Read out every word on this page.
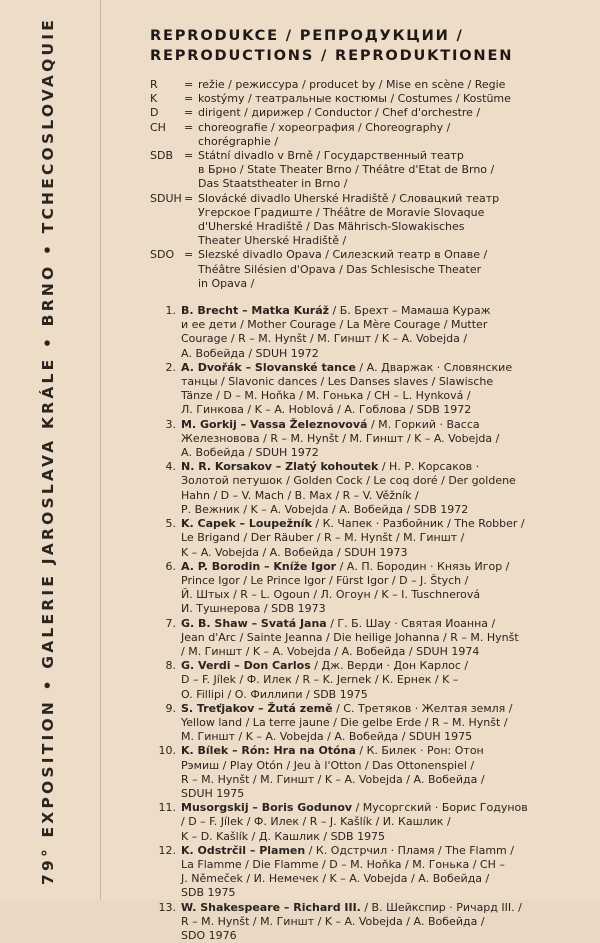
79° EXPOSITION • GALERIE JAROSLAVA KRÁLE • BRNO • TCHECOSLOVAQUIE	REPRODUKCE / РЕПРОДУКЦИИ /
REPRODUCTIONS / REPRODUKTIONEN
R	= režie / режиссура / producet by / Mise en scène / Regie
K	= kostýmy / театральные костюмы / Costumes / Kostüme
D	= dirigent / дирижер / Conductor / Chef d'orchestre /
CH	= choreografie / хореография / Choreography /
chorégraphie /
SDB	= Státní divadlo v Brně / Государственный театр
в Брно / State Theater Brno / Théâtre d'Etat de Brno /
Das Staatstheater in Brno /
SDUH = Slovácké divadlo Uherské Hradiště / Словацкий театр
Угерское Градиште / Théâtre de Moravie Slovaque
d'Uherské Hradiště / Das Mährisch-Slowakisches
Theater Uherské Hradiště /
SDO = Slezské divadlo Opava / Силезский театр в Опаве /
Théâtre Silésien d'Opava / Das Schlesische Theater
in Opava /
1. B. Brecht – Matka Kuráž / Б. Брехт – Мамаша Кураж
и ее дети / Mother Courage / La Mère Courage / Mutter
Courage / R – M. Hynšt / М. Гиншт / K – A. Vobejda /
А. Вобейда / SDUH 1972
2. A. Dvořák – Slovanské tance / А. Дваржак · Словянские
танцы / Slavonic dances / Les Danses slaves / Slawische
Tänze / D – M. Hoňka / М. Гонька / CH – L. Hynková /
Л. Гинкова / K – A. Hoblová / А. Гоблова / SDB 1972
3. M. Gorkij – Vassa Železnovová / М. Горкий · Васса
Железновова / R – M. Hynšt / М. Гиншт / K – A. Vobejda /
А. Вобейда / SDUH 1972
4. N. R. Korsakov – Zlatý kohoutek / Н. Р. Корсаков ·
Золотой петушок / Golden Cock / Le coq doré / Der goldene
Hahn / D – V. Mach / В. Max / R – V. Věžník /
Р. Вежник / K – A. Vobejda / А. Вобейда / SDB 1972
5. K. Capek – Loupežník / К. Чапек · Разбойник / The Robber /
Le Brigand / Der Räuber / R – M. Hynšt / М. Гиншт /
K – A. Vobejda / А. Вобейда / SDUH 1973
6. A. P. Borodin – Kníže Igor / А. П. Бородин · Князь Игор /
Prince Igor / Le Prince Igor / Fürst Igor / D – J. Štych /
Й. Штых / R – L. Ogoun / Л. Огоун / K – I. Tuschnerová
И. Тушнерова / SDB 1973
7. G. B. Shaw – Svatá Jana / Г. Б. Шау · Святая Иоанна /
Jean d'Arc / Sainte Jeanna / Die heilige Johanna / R – M. Hynšt
/ М. Гиншт / K – A. Vobejda / А. Вобейда / SDUH 1974
8. G. Verdi – Don Carlos / Дж. Верди · Дон Карлос /
D – F. Jílek / Ф. Илек / R – K. Jernek / К. Ернек / K –
O. Fillipi / О. Филлипи / SDB 1975
9. S. Treťjakov – Žutá země / С. Третяков · Желтая земля /
Yellow land / La terre jaune / Die gelbe Erde / R – M. Hynšt /
М. Гиншт / K – A. Vobejda / А. Вобейда / SDUH 1975
10. K. Bílek – Rón: Hra na Otóna / К. Билек · Рон: Отон
Рэмиш / Play Otón / Jeu à l'Otton / Das Ottonenspiel /
R – M. Hynšt / М. Гиншт / K – A. Vobejda / А. Вобейда /
SDUH 1975
11. Musorgskij – Boris Godunov / Мусоргский · Борис Годунов
/ D – F. Jílek / Ф. Илек / R – J. Kašlík / И. Кашлик /
K – D. Kašlík / Д. Кашлик / SDB 1975
12. K. Odstrčil – Plamen / К. Одстрчил · Пламя / The Flamm /
La Flamme / Die Flamme / D – M. Hoňka / М. Гонька / CH –
J. Němeček / И. Немечек / K – A. Vobejda / А. Вобейда /
SDB 1975
13. W. Shakespeare – Richard III. / В. Шейкспир · Ричард III. /
R – M. Hynšt / М. Гиншт / K – A. Vobejda / А. Вобейда /
SDO 1976
